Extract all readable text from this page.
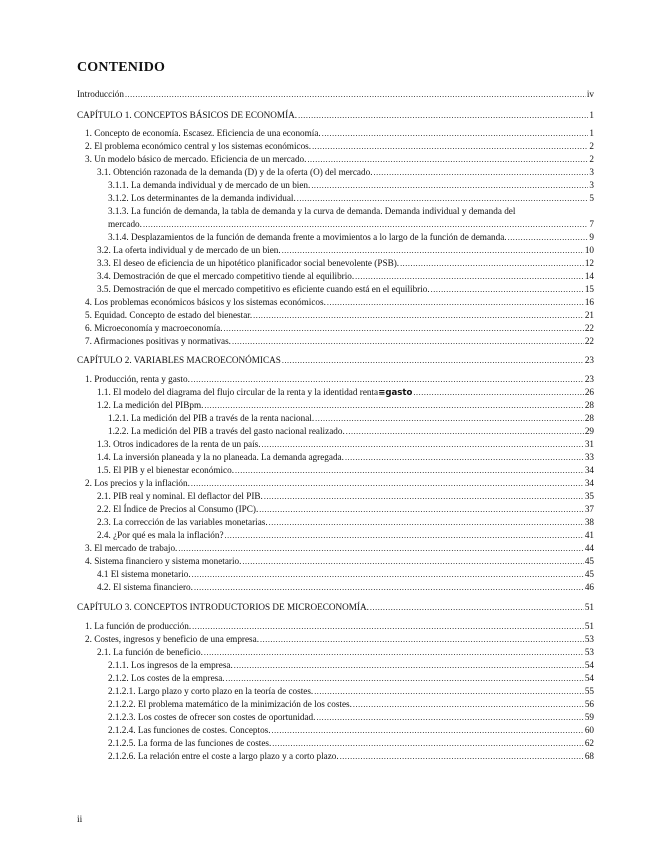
CONTENIDO
Introducción .....	iv
CAPÍTULO 1. CONCEPTOS BÁSICOS DE ECONOMÍA. .....	1
1. Concepto de economía. Escasez. Eficiencia de una economía. .....	1
2. El problema económico central y los sistemas económicos. .....	2
3. Un modelo básico de mercado. Eficiencia de un mercado. .....	2
3.1. Obtención razonada de la demanda (D) y de la oferta (O) del mercado. .....	3
3.1.1. La demanda individual y de mercado de un bien. .....	3
3.1.2. Los determinantes de la demanda individual. .....	5
3.1.3. La función de demanda, la tabla de demanda y la curva de demanda. Demanda individual y demanda del
mercado. .....	7
3.1.4. Desplazamientos de la función de demanda frente a movimientos a lo largo de la función de demanda. .....	9
3.2. La oferta individual y de mercado de un bien. .....	10
3.3. El deseo de eficiencia de un hipotético planificador social benevolente (PSB). .....	12
3.4. Demostración de que el mercado competitivo tiende al equilibrio. .....	14
3.5. Demostración de que el mercado competitivo es eficiente cuando está en el equilibrio. .....	15
4. Los problemas económicos básicos y los sistemas económicos. .....	16
5. Equidad. Concepto de estado del bienestar. .....	21
6. Microeconomía y macroeconomía. .....	22
7. Afirmaciones positivas y normativas. .....	22
CAPÍTULO 2. VARIABLES MACROECONÓMICAS .....	23
1. Producción, renta y gasto. .....	23
1.1. El modelo del diagrama del flujo circular de la renta y la identidad renta ≡gasto .....	26
1.2. La medición del PIBpm. .....	28
1.2.1. La medición del PIB a través de la renta nacional. .....	28
1.2.2. La medición del PIB a través del gasto nacional realizado. .....	29
1.3. Otros indicadores de la renta de un país. .....	31
1.4. La inversión planeada y la no planeada. La demanda agregada. .....	33
1.5. El PIB y el bienestar económico. .....	34
2. Los precios y la inflación. .....	34
2.1. PIB real y nominal. El deflactor del PIB. .....	35
2.2. El Índice de Precios al Consumo (IPC). .....	37
2.3. La corrección de las variables monetarias. .....	38
2.4. ¿Por qué es mala la inflación? .....	41
3. El mercado de trabajo. .....	44
4. Sistema financiero y sistema monetario. .....	45
4.1 El sistema monetario. .....	45
4.2. El sistema financiero. .....	46
CAPÍTULO 3. CONCEPTOS INTRODUCTORIOS DE MICROECONOMÍA. .....	51
1. La función de producción. .....	51
2. Costes, ingresos y beneficio de una empresa. .....	53
2.1. La función de beneficio. .....	53
2.1.1. Los ingresos de la empresa. .....	54
2.1.2. Los costes de la empresa. .....	54
2.1.2.1. Largo plazo y corto plazo en la teoría de costes. .....	55
2.1.2.2. El problema matemático de la minimización de los costes. .....	56
2.1.2.3. Los costes de ofrecer son costes de oportunidad. .....	59
2.1.2.4. Las funciones de costes. Conceptos. .....	60
2.1.2.5. La forma de las funciones de costes. .....	62
2.1.2.6. La relación entre el coste a largo plazo y a corto plazo. .....	68
ii
